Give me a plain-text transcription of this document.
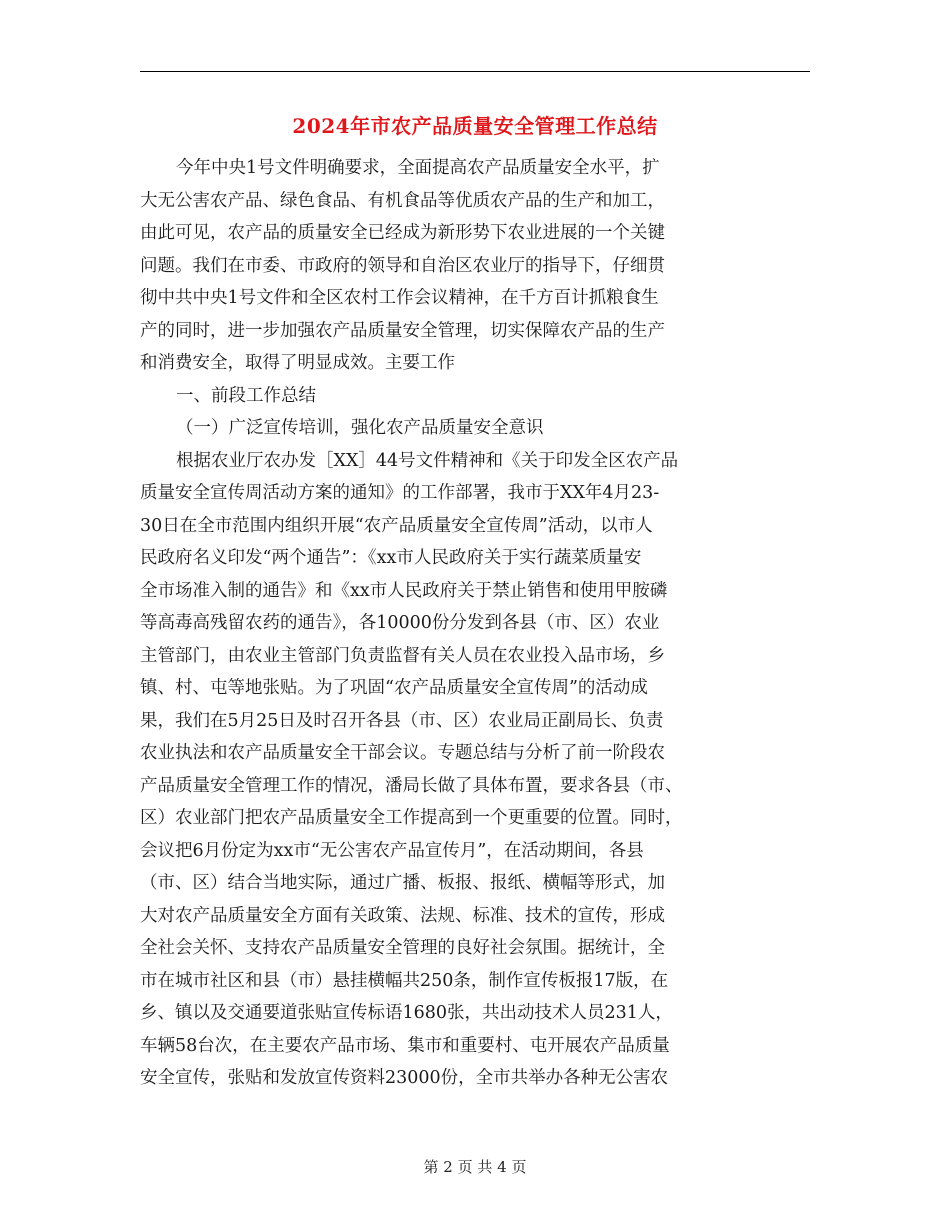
2024年市农产品质量安全管理工作总结
今年中央1号文件明确要求，全面提高农产品质量安全水平，扩
大无公害农产品、绿色食品、有机食品等优质农产品的生产和加工，
由此可见，农产品的质量安全已经成为新形势下农业进展的一个关键
问题。我们在市委、市政府的领导和自治区农业厅的指导下，仔细贯
彻中共中央1号文件和全区农村工作会议精神，在千方百计抓粮食生
产的同时，进一步加强农产品质量安全管理，切实保障农产品的生产
和消费安全，取得了明显成效。主要工作
一、前段工作总结
（一）广泛宣传培训，强化农产品质量安全意识
根据农业厅农办发［XX］44号文件精神和《关于印发全区农产品
质量安全宣传周活动方案的通知》的工作部署，我市于XX年4月23-
30日在全市范围内组织开展“农产品质量安全宣传周”活动，以市人
民政府名义印发“两个通告”：《xx市人民政府关于实行蔬菜质量安
全市场准入制的通告》和《xx市人民政府关于禁止销售和使用甲胺磷
等高毒高残留农药的通告》，各10000份分发到各县（市、区）农业
主管部门，由农业主管部门负责监督有关人员在农业投入品市场，乡
镇、村、屯等地张贴。为了巩固“农产品质量安全宣传周”的活动成
果，我们在5月25日及时召开各县（市、区）农业局正副局长、负责
农业执法和农产品质量安全干部会议。专题总结与分析了前一阶段农
产品质量安全管理工作的情况，潘局长做了具体布置，要求各县（市、
区）农业部门把农产品质量安全工作提高到一个更重要的位置。同时，
会议把6月份定为xx市“无公害农产品宣传月”，在活动期间，各县
（市、区）结合当地实际，通过广播、板报、报纸、横幅等形式，加
大对农产品质量安全方面有关政策、法规、标准、技术的宣传，形成
全社会关怀、支持农产品质量安全管理的良好社会氛围。据统计，全
市在城市社区和县（市）悬挂横幅共250条，制作宣传板报17版，在
乡、镇以及交通要道张贴宣传标语1680张，共出动技术人员231人，
车辆58台次，在主要农产品市场、集市和重要村、屯开展农产品质量
安全宣传，张贴和发放宣传资料23000份，全市共举办各种无公害农
第 2 页 共 4 页
